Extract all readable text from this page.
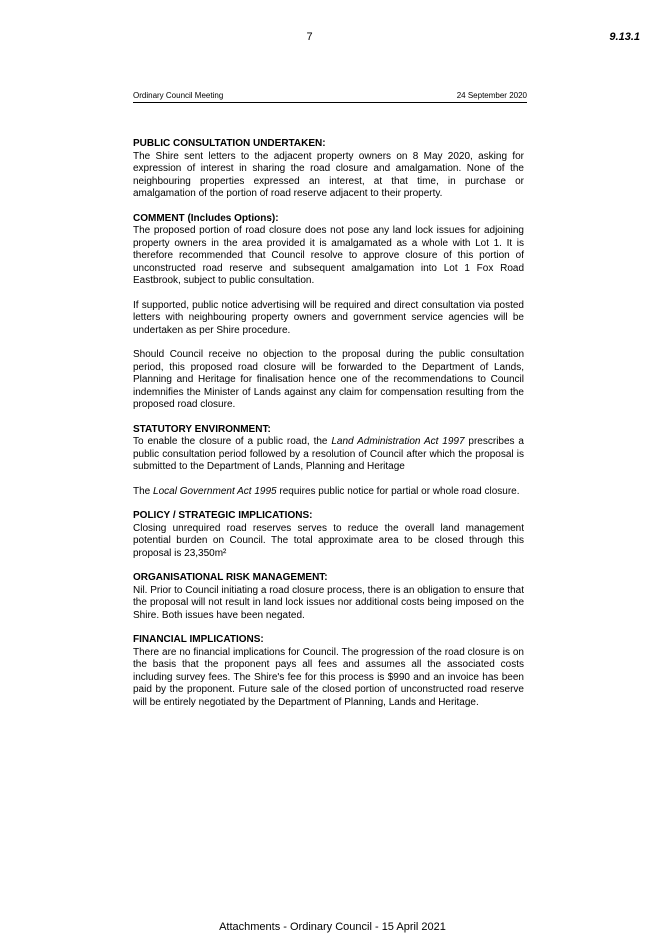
7	9.13.1
Ordinary Council Meeting	24 September 2020
PUBLIC CONSULTATION UNDERTAKEN:
The Shire sent letters to the adjacent property owners on 8 May 2020, asking for expression of interest in sharing the road closure and amalgamation. None of the neighbouring properties expressed an interest, at that time, in purchase or amalgamation of the portion of road reserve adjacent to their property.
COMMENT (Includes Options):
The proposed portion of road closure does not pose any land lock issues for adjoining property owners in the area provided it is amalgamated as a whole with Lot 1. It is therefore recommended that Council resolve to approve closure of this portion of unconstructed road reserve and subsequent amalgamation into Lot 1 Fox Road Eastbrook, subject to public consultation.
If supported, public notice advertising will be required and direct consultation via posted letters with neighbouring property owners and government service agencies will be undertaken as per Shire procedure.
Should Council receive no objection to the proposal during the public consultation period, this proposed road closure will be forwarded to the Department of Lands, Planning and Heritage for finalisation hence one of the recommendations to Council indemnifies the Minister of Lands against any claim for compensation resulting from the proposed road closure.
STATUTORY ENVIRONMENT:
To enable the closure of a public road, the Land Administration Act 1997 prescribes a public consultation period followed by a resolution of Council after which the proposal is submitted to the Department of Lands, Planning and Heritage
The Local Government Act 1995 requires public notice for partial or whole road closure.
POLICY / STRATEGIC IMPLICATIONS:
Closing unrequired road reserves serves to reduce the overall land management potential burden on Council. The total approximate area to be closed through this proposal is 23,350m²
ORGANISATIONAL RISK MANAGEMENT:
Nil. Prior to Council initiating a road closure process, there is an obligation to ensure that the proposal will not result in land lock issues nor additional costs being imposed on the Shire. Both issues have been negated.
FINANCIAL IMPLICATIONS:
There are no financial implications for Council. The progression of the road closure is on the basis that the proponent pays all fees and assumes all the associated costs including survey fees. The Shire's fee for this process is $990 and an invoice has been paid by the proponent. Future sale of the closed portion of unconstructed road reserve will be entirely negotiated by the Department of Planning, Lands and Heritage.
Attachments - Ordinary Council - 15 April 2021
